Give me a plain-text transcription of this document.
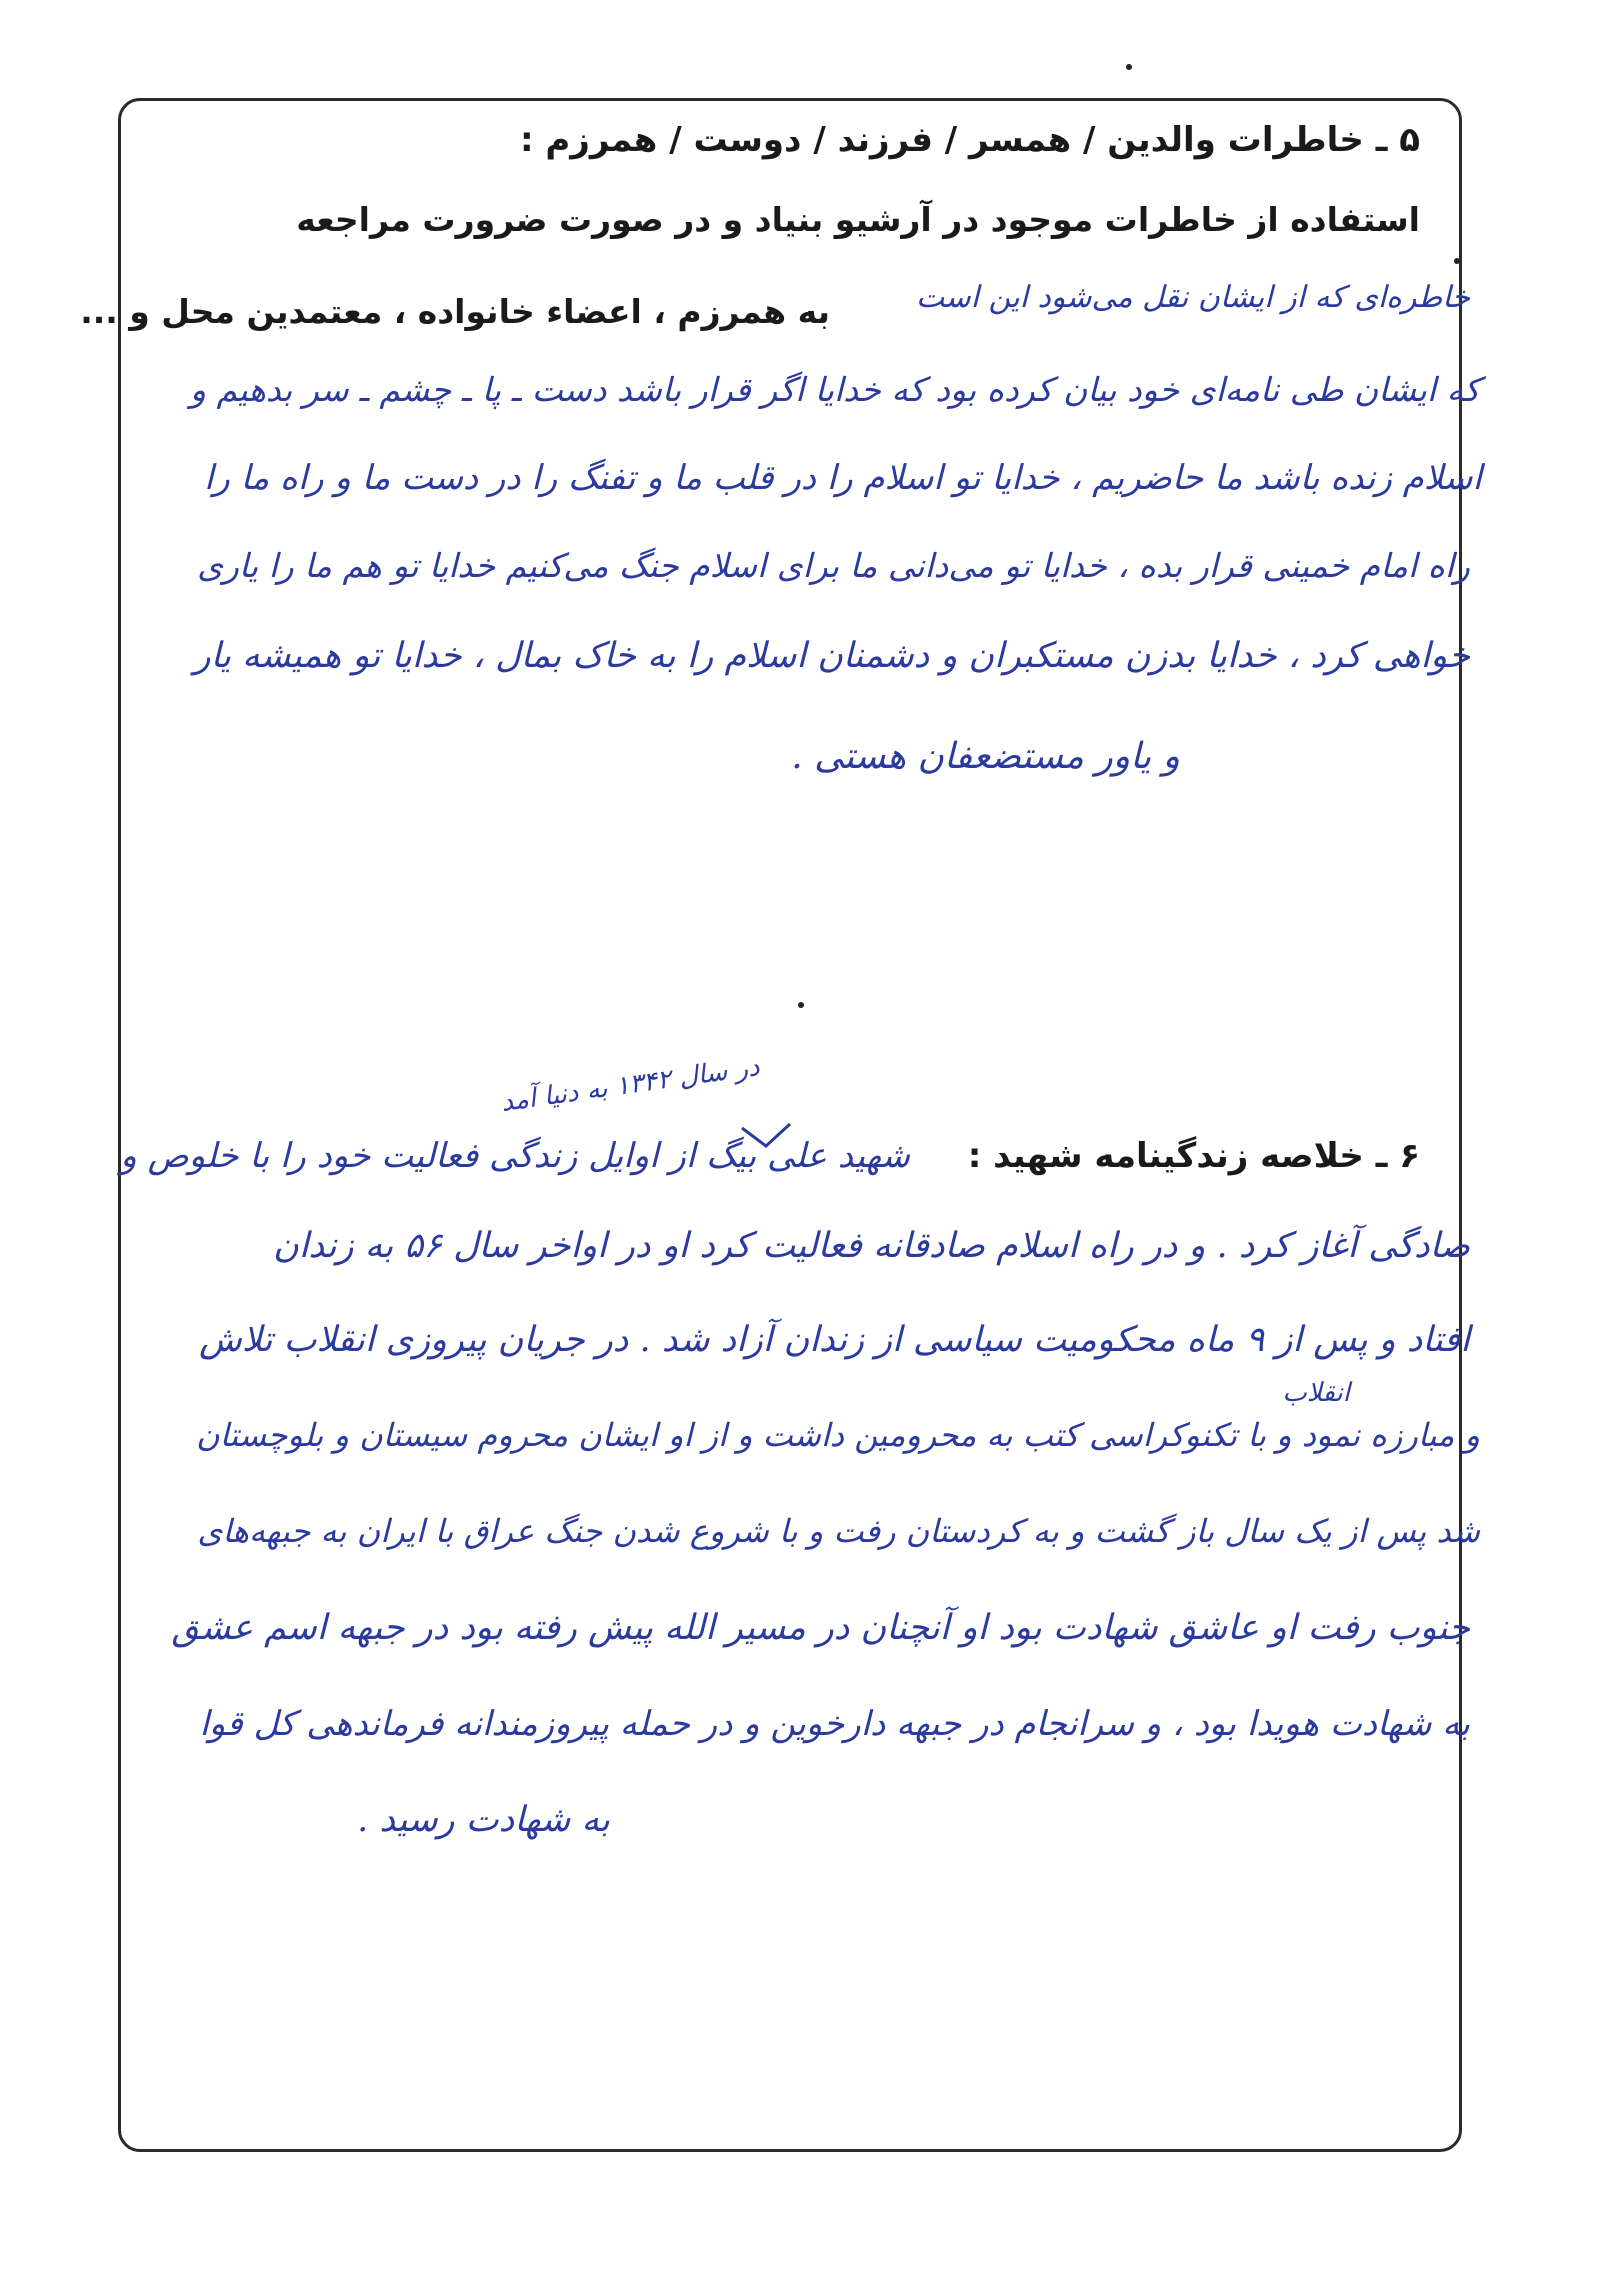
۵ ـ خاطرات والدین / همسر / فرزند / دوست / همرزم :
استفاده از خاطرات موجود در آرشیو بنیاد و در صورت ضرورت مراجعه
به همرزم ، اعضاء خانواده ، معتمدین محل و ...	خاطره‌ای که از ایشان نقل می‌شود این است
که ایشان طی نامه‌ای خود بیان کرده بود که خدایا اگر قرار باشد دست ـ پا ـ چشم ـ سر بدهیم و
اسلام زنده باشد ما حاضریم ، خدایا تو اسلام را در قلب ما و تفنگ را در دست ما و راه ما را
راه امام خمینی قرار بده ، خدایا تو می‌دانی ما برای اسلام جنگ می‌کنیم خدایا تو هم ما را یاری
خواهی کرد ، خدایا بدزن مستکبران و دشمنان اسلام را به خاک بمال ، خدایا تو همیشه یار
و یاور مستضعفان هستی .
در سال ۱۳۴۲ به دنیا آمد
۶ ـ خلاصه زندگینامه شهید :
انقلاب
شهید علی بیگ از اوایل زندگی فعالیت خود را با خلوص و
صادگی آغاز کرد . و در راه اسلام صادقانه فعالیت کرد او در اواخر سال ۵۶ به زندان
افتاد و پس از ۹ ماه محکومیت سیاسی از زندان آزاد شد . در جریان پیروزی انقلاب تلاش
و مبارزه نمود و با تکنوکراسی کتب به محرومین داشت و از او ایشان محروم سیستان و بلوچستان
شد پس از یک سال باز گشت و به کردستان رفت و با شروع شدن جنگ عراق با ایران به جبهه‌های
جنوب رفت او عاشق شهادت بود او آنچنان در مسیر الله پیش رفته بود در جبهه اسم عشق
به شهادت هویدا بود ، و سرانجام در جبهه دارخوین و در حمله پیروزمندانه فرماندهی کل قوا
به شهادت رسید .
